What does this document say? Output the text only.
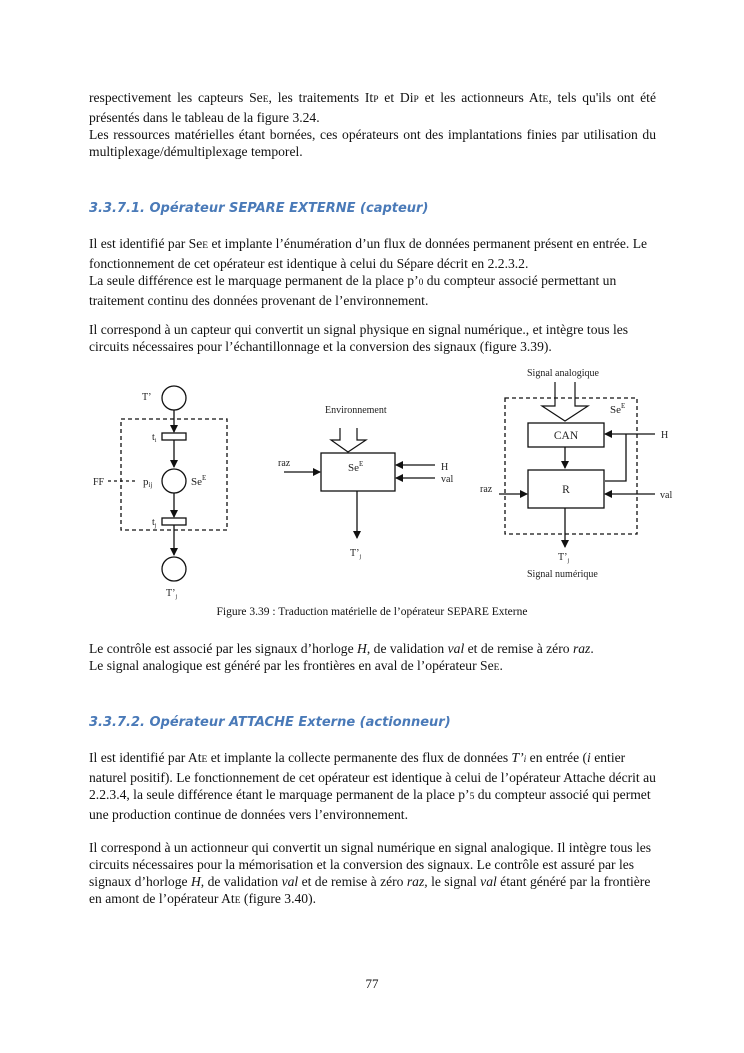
respectivement les capteurs SeE, les traitements ItP et DiP et les actionneurs AtE, tels qu'ils ont été présentés dans le tableau de la figure 3.24.
Les ressources matérielles étant bornées, ces opérateurs ont des implantations finies par utilisation du multiplexage/démultiplexage temporel.
3.3.7.1. Opérateur SEPARE EXTERNE (capteur)
Il est identifié par SeE et implante l’énumération d’un flux de données permanent présent en entrée. Le fonctionnement de cet opérateur est identique à celui du Sépare décrit en 2.2.3.2.
La seule différence est le marquage permanent de la place p’0 du compteur associé permettant un traitement continu des données provenant de l’environnement.
Il correspond à un capteur qui convertit un signal physique en signal numérique., et intègre tous les circuits nécessaires pour l’échantillonnage et la conversion des signaux (figure 3.39).
T’
$t_i$
FF	pij	$Se^E$
$t_j$
$T’_j$
Environnement
$Se^E$
raz	H
val
$T’_j$
Signal analogique
$Se^E$
CAN	H
R
raz
val
$T’_j$
Signal numérique
Figure 3.39 : Traduction matérielle de l’opérateur SEPARE Externe
Le contrôle est associé par les signaux d’horloge H, de validation val et de remise à zéro raz.
Le signal analogique est généré par les frontières en aval de l’opérateur SeE.
3.3.7.2. Opérateur ATTACHE Externe (actionneur)
Il est identifié par AtE et implante la collecte permanente des flux de données T’i en entrée (i entier naturel positif). Le fonctionnement de cet opérateur est identique à celui de l’opérateur Attache décrit au 2.2.3.4, la seule différence étant le marquage permanent de la place p’5 du compteur associé qui permet une production continue de données vers l’environnement.
Il correspond à un actionneur qui convertit un signal numérique en signal analogique. Il intègre tous les circuits nécessaires pour la mémorisation et la conversion des signaux. Le contrôle est assuré par les signaux d’horloge H, de validation val et de remise à zéro raz, le signal val étant généré par la frontière en amont de l’opérateur AtE (figure 3.40).
77
